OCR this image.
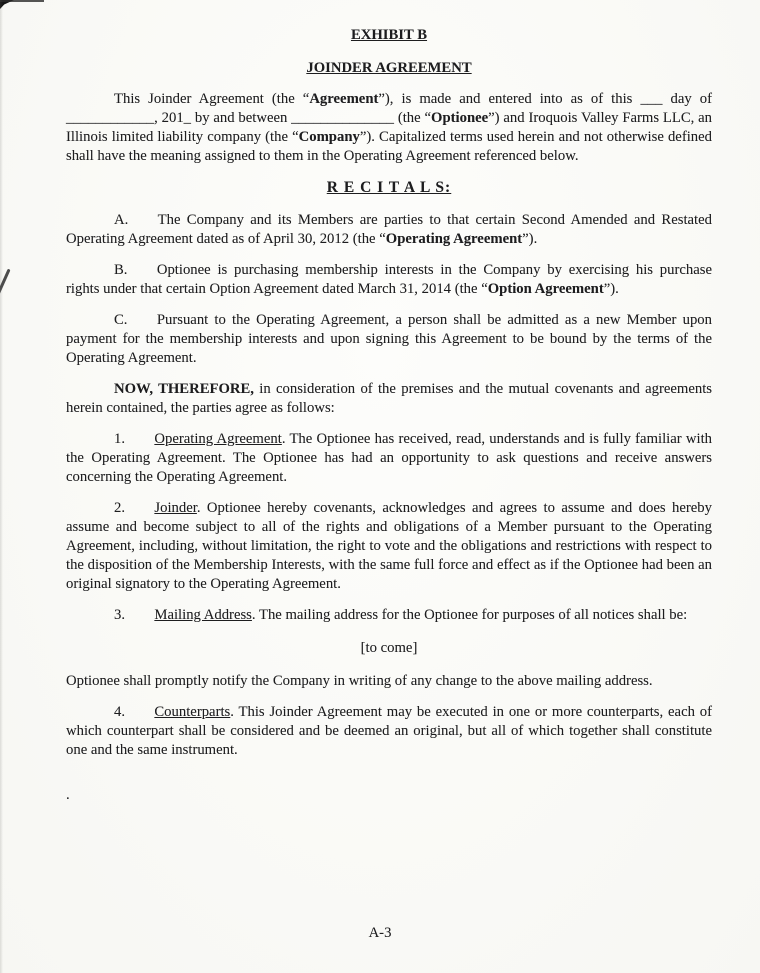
EXHIBIT B
JOINDER AGREEMENT

This Joinder Agreement (the “Agreement”), is made and entered into as of this ___ day of ____________, 201_ by and between ______________ (the “Optionee”) and Iroquois Valley Farms LLC, an Illinois limited liability company (the “Company”). Capitalized terms used herein and not otherwise defined shall have the meaning assigned to them in the Operating Agreement referenced below.

R E C I T A L S:

A.  The Company and its Members are parties to that certain Second Amended and Restated Operating Agreement dated as of April 30, 2012 (the “Operating Agreement”).

B.  Optionee is purchasing membership interests in the Company by exercising his purchase rights under that certain Option Agreement dated March 31, 2014 (the “Option Agreement”).

C.  Pursuant to the Operating Agreement, a person shall be admitted as a new Member upon payment for the membership interests and upon signing this Agreement to be bound by the terms of the Operating Agreement.

NOW, THEREFORE, in consideration of the premises and the mutual covenants and agreements herein contained, the parties agree as follows:

1.  Operating Agreement. The Optionee has received, read, understands and is fully familiar with the Operating Agreement. The Optionee has had an opportunity to ask questions and receive answers concerning the Operating Agreement.

2.  Joinder. Optionee hereby covenants, acknowledges and agrees to assume and does hereby assume and become subject to all of the rights and obligations of a Member pursuant to the Operating Agreement, including, without limitation, the right to vote and the obligations and restrictions with respect to the disposition of the Membership Interests, with the same full force and effect as if the Optionee had been an original signatory to the Operating Agreement.

3.  Mailing Address. The mailing address for the Optionee for purposes of all notices shall be:

[to come]

Optionee shall promptly notify the Company in writing of any change to the above mailing address.

4.  Counterparts. This Joinder Agreement may be executed in one or more counterparts, each of which counterpart shall be considered and be deemed an original, but all of which together shall constitute one and the same instrument.

.
A-3
